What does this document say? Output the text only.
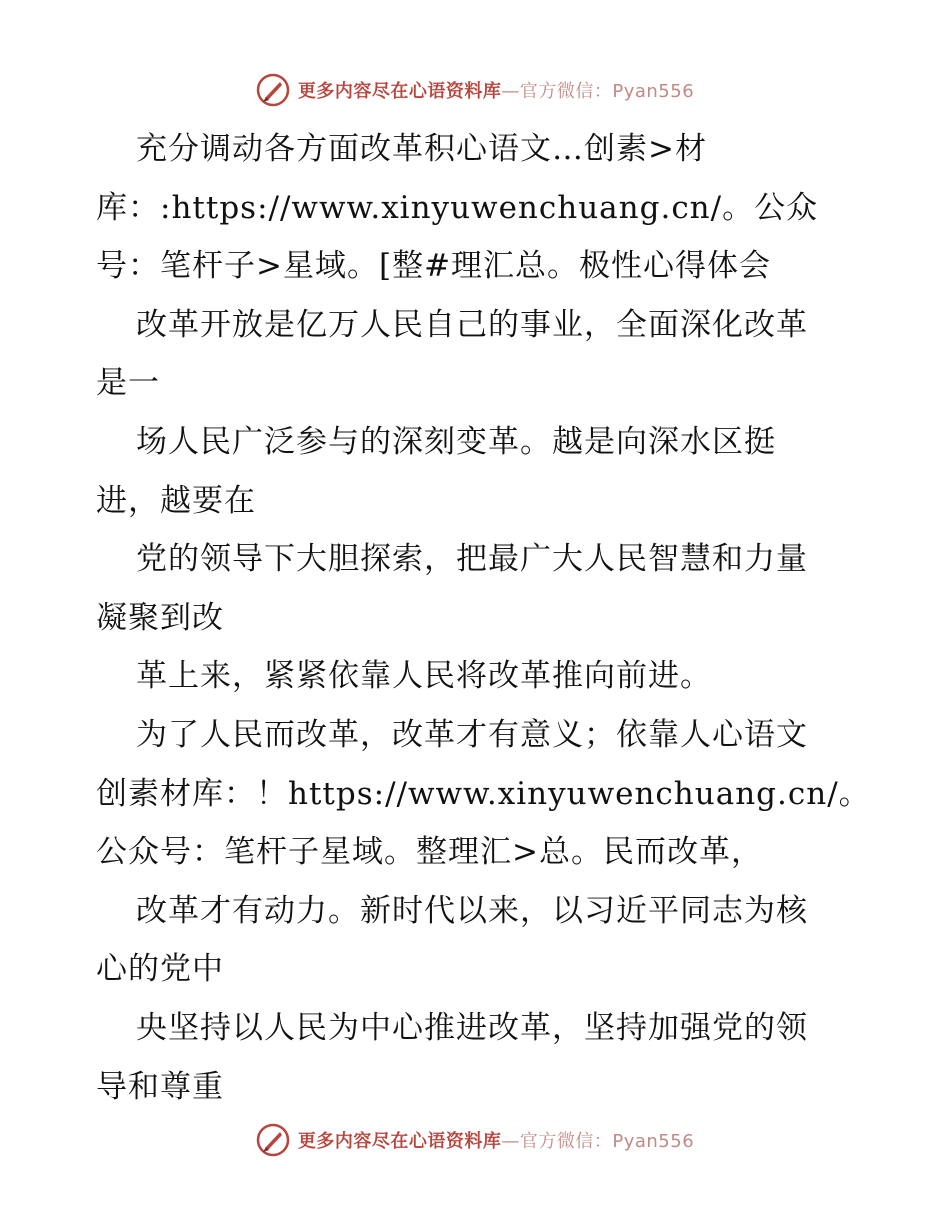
更多内容尽在心语资料库—官方微信：Pyan556
充分调动各方面改革积心语文…创素>材
库：:https://www.xinyuwenchuang.cn/。公众
号：笔杆子>星域。[整#理汇总。极性心得体会
改革开放是亿万人民自己的事业，全面深化改革
是一
场人民广泛参与的深刻变革。越是向深水区挺
进，越要在
党的领导下大胆探索，把最广大人民智慧和力量
凝聚到改
革上来，紧紧依靠人民将改革推向前进。
为了人民而改革，改革才有意义；依靠人心语文
创素材库：！https://www.xinyuwenchuang.cn/。
公众号：笔杆子星域。整理汇>总。民而改革，
改革才有动力。新时代以来，以习近平同志为核
心的党中
央坚持以人民为中心推进改革，坚持加强党的领
导和尊重
更多内容尽在心语资料库—官方微信：Pyan556
